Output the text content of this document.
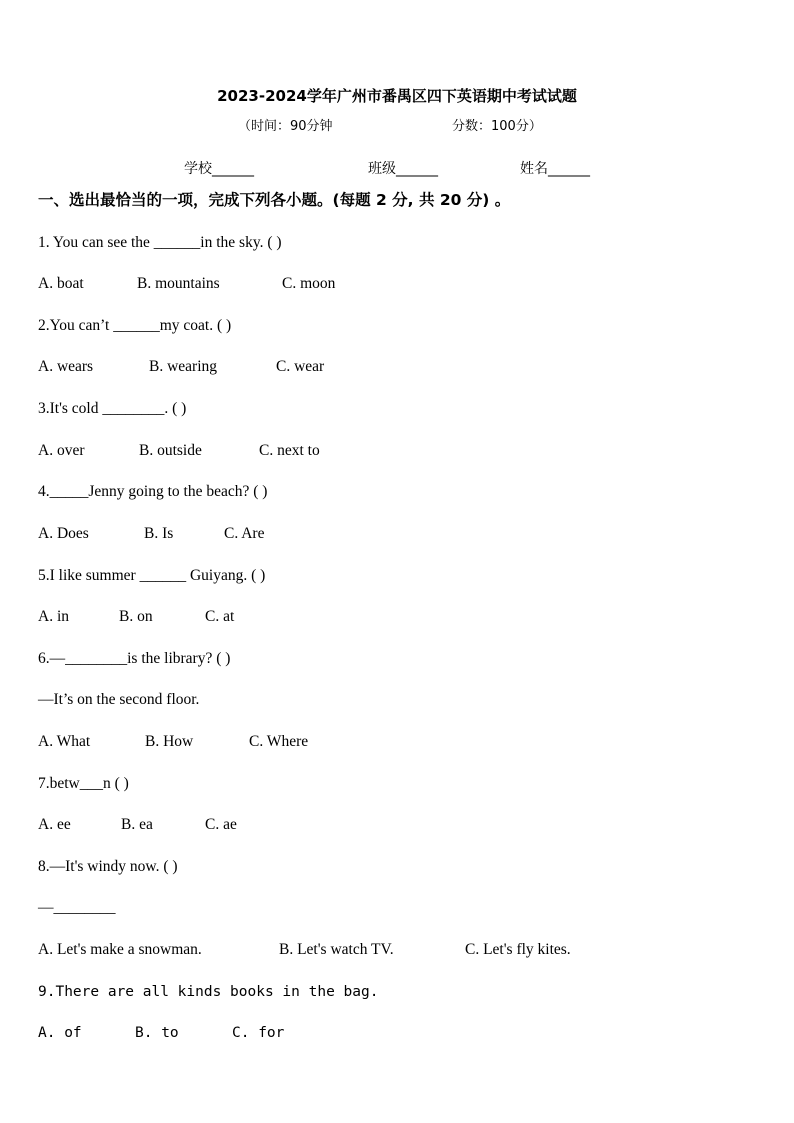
2023-2024学年广州市番禺区四下英语期中考试试题
（时间：90分钟	分数：100分）
学校______	班级______	姓名______
一、选出最恰当的一项，完成下列各小题。(每题 2 分, 共 20 分) 。
1. You can see the ______in the sky. ( )
A. boat	B. mountains	C. moon
2.You can’t ______my coat. ( )
A. wears	B. wearing	C. wear
3.It's cold ________. ( )
A. over	B. outside	C. next to
4._____Jenny going to the beach? ( )
A. Does	B. Is	C. Are
5.I like summer ______ Guiyang. ( )
A. in	B. on	C. at
6.—________is the library? ( )
—It’s on the second floor.
A. What	B. How	C. Where
7.betw___n ( )
A. ee	B. ea	C. ae
8.—It's windy now. ( )
—________
A. Let's make a snowman.	B. Let's watch TV.	C. Let's fly kites.
9.There are all kinds books in the bag.
A. of	B. to	C. for
